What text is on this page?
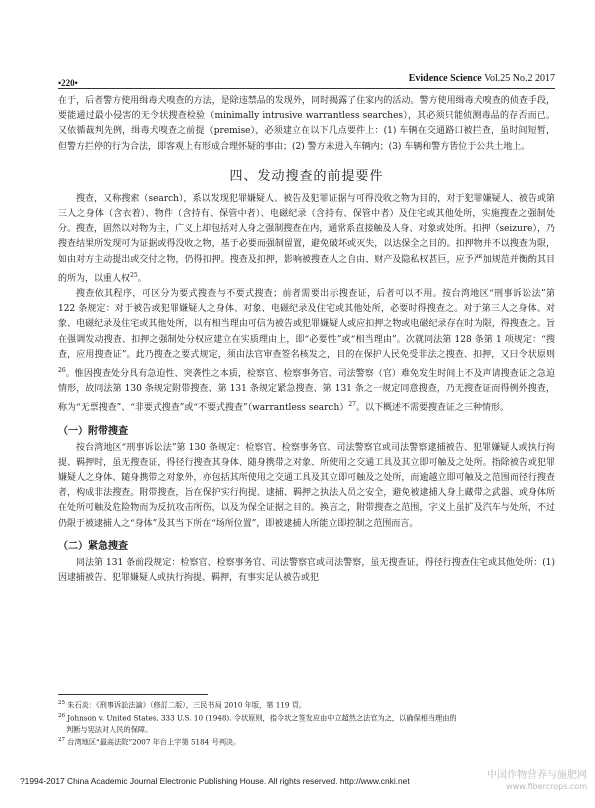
•220•	Evidence Science Vol.25 No.2 2017

在于，后者警方使用缉毒犬嗅查的方法，是除违禁品的发现外，同时揭露了住家内的活动。警方使用缉毒犬嗅查的侦查手段，要能通过最小侵害的无令状搜查检验（minimally intrusive warrantless searches），其必须只能侦测毒品的存否而已。又依循裁判先例，缉毒犬嗅查之前提（premise），必须建立在以下几点要件上：(1) 车辆在交通路口被拦查，虽时间短暂，但警方拦停的行为合法，即客观上有形成合理怀疑的事由；(2) 警方未进入车辆内；(3) 车辆和警方皆位于公共土地上。

四、发动搜查的前提要件

搜查，又称搜索（search），系以发现犯罪嫌疑人、被告及犯罪证据与可得没收之物为目的，对于犯罪嫌疑人、被告或第三人之身体（含衣着）、物件（含持有、保管中者）、电磁纪录（含持有、保管中者）及住宅或其他处所，实施搜查之强制处分。搜查，固然以对物为主，广义上却包括对人身之强制搜查在内，通常系直接触及人身、对象或处所。扣押（seizure），乃搜查结果所发现可为证据或得没收之物，基于必要而强制留置，避免破坏或灭失，以达保全之目的。扣押物并不以搜查为限，如由对方主动提出或交付之物，仍得扣押。搜查及扣押，影响被搜查人之自由、财产及隐私权甚巨，应予严加规范并衡酌其目的所为，以重人权$^{25}$。

搜查依其程序，可区分为要式搜查与不要式搜查；前者需要出示搜查证，后者可以不用。按台湾地区“刑事诉讼法”第 122 条规定：对于被告或犯罪嫌疑人之身体、对象、电磁纪录及住宅或其他处所，必要时得搜查之。对于第三人之身体、对象、电磁纪录及住宅或其他处所，以有相当理由可信为被告或犯罪嫌疑人或应扣押之物或电磁纪录存在时为限，得搜查之。旨在强调发动搜查、扣押之强制处分权应建立在实质理由上，即“必要性”或“相当理由”。次就同法第 128 条第 1 项规定：“搜查，应用搜查证”。此乃搜查之要式规定，须由法官审查签名核发之，目的在保护人民免受非法之搜查、扣押，又曰令状原则$^{26}$。惟因搜查处分具有急迫性、突袭性之本质，检察官、检察事务官、司法警察（官）难免发生时间上不及声请搜查证之急迫情形，故同法第 130 条规定附带搜查、第 131 条规定紧急搜查、第 131 条之一规定同意搜查，乃无搜查证而得例外搜查，称为“无票搜查”、“非要式搜查”或“不要式搜查”（warrantless search）$^{27}$。以下概述不需要搜查证之三种情形。

（一）附带搜查

按台湾地区“刑事诉讼法”第 130 条规定：检察官、检察事务官、司法警察官或司法警察逮捕被告、犯罪嫌疑人或执行拘提、羁押时，虽无搜查证，得径行搜查其身体、随身携带之对象、所使用之交通工具及其立即可触及之处所。指除被告或犯罪嫌疑人之身体、随身携带之对象外，亦包括其所使用之交通工具及其立即可触及之处所，而逾越立即可触及之范围而径行搜查者，构成非法搜查。附带搜查，旨在保护实行拘提、逮捕、羁押之执法人员之安全，避免被逮捕人身上藏带之武器、或身体所在处所可触及危险物而为反抗攻击所伤，以及为保全证据之目的。换言之，附带搜查之范围，字义上虽扩及汽车与处所，不过仍限于被逮捕人之“身体”及其当下所在“场所位置”，即被逮捕人所能立即控制之范围而言。

（二）紧急搜查

同法第 131 条前段规定：检察官、检察事务官、司法警察官或司法警察，虽无搜查证，得径行搜查住宅或其他处所：(1) 因逮捕被告、犯罪嫌疑人或执行拘提、羁押，有事实足认被告或犯

$^{25}$ 朱石炎：《刑事诉訟法論》（修訂二版），三民书局 2010 年版，第 119 頁。

$^{26}$ Johnson v. United States, 333 U.S. 10 (1948). 令状原则，指令状之签发应由中立超然之法官为之，以确保相当理由的

判断与宪法对人民的保障。

$^{27}$ 台湾地区“最高法院”2007 年台上字第 5184 号判决。

?1994-2017 China Academic Journal Electronic Publishing House. All rights reserved. http://www.cnki.net	中国作物营养与施肥网
www.fibercrops.com
